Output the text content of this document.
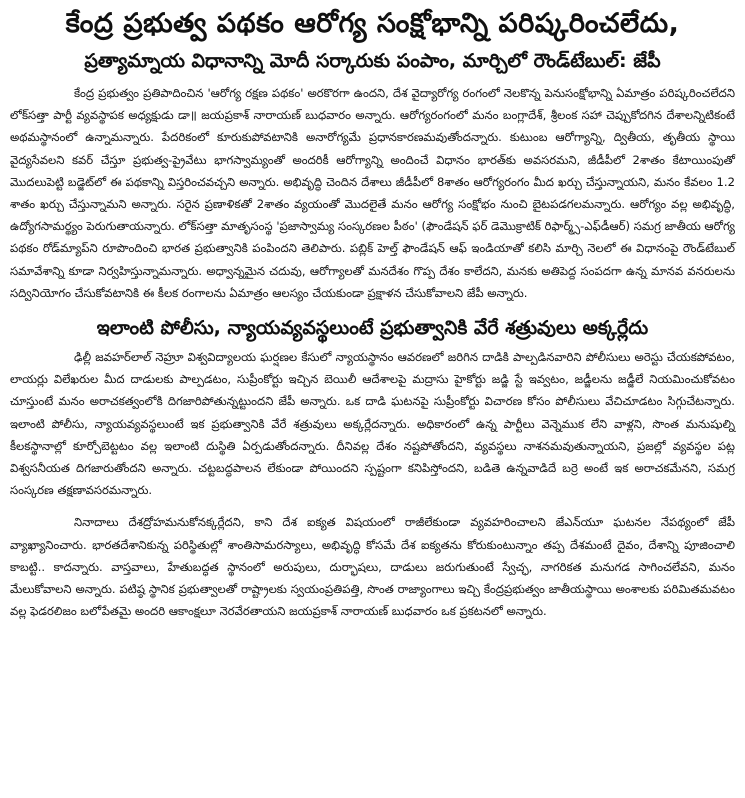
కేంద్ర ప్రభుత్వ పథకం ఆరోగ్య సంక్షోభాన్ని పరిష్కరించలేదు,
ప్రత్యామ్నాయ విధానాన్ని మోదీ సర్కారుకు పంపాం, మార్చిలో రౌండ్‌టేబుల్: జేపీ

కేంద్ర ప్రభుత్వం ప్రతిపాదించిన 'ఆరోగ్య రక్షణ పథకం' అరకొరగా ఉందని, దేశ వైద్యారోగ్య రంగంలో నెలకొన్న పెనుసంక్షోభాన్ని ఏమాత్రం పరిష్కరించలేదని లోక్‌సత్తా పార్టీ వ్యవస్థాపక అధ్యక్షుడు డా॥ జయప్రకాశ్ నారాయణ్ బుధవారం అన్నారు. ఆరోగ్యరంగంలో మనం బంగ్లాదేశ్, శ్రీలంక సహా చెప్పుకోదగిన దేశాలన్నిటికంటే అథమస్థానంలో ఉన్నామన్నారు. పేదరికంలో కూరుకుపోవటానికి అనారోగ్యమే ప్రధానకారణమవుతోందన్నారు. కుటుంబ ఆరోగ్యాన్ని, ద్వితీయ, తృతీయ స్థాయి వైద్యసేవలని కవర్ చేస్తూ ప్రభుత్వ-ప్రైవేటు భాగస్వామ్యంతో అందరికీ ఆరోగ్యాన్ని అందించే విధానం భారత్‌కు అవసరమని, జీడీపీలో 2శాతం కేటాయింపుతో మొదలుపెట్టి బడ్జెట్‌లో ఈ పథకాన్ని విస్తరించవచ్చని అన్నారు. అభివృద్ధి చెందిన దేశాలు జీడీపీలో 8శాతం ఆరోగ్యరంగం మీద ఖర్చు చేస్తున్నాయని, మనం కేవలం 1.2 శాతం ఖర్చు చేస్తున్నామని అన్నారు. సరైన ప్రణాళికతో 2శాతం వ్యయంతో మొదలైతే మనం ఆరోగ్య సంక్షోభం నుంచి బైటపడగలమన్నారు. ఆరోగ్యం వల్ల అభివృద్ధి, ఉద్యోగసామర్థ్యం పెరుగుతాయన్నారు. లోక్‌సత్తా మాతృసంస్థ 'ప్రజాస్వామ్య సంస్కరణల పీఠం' (ఫౌండేషన్ ఫర్ డెమొక్రాటిక్ రిఫార్మ్స్-ఎఫ్‌డీఆర్) సమగ్ర జాతీయ ఆరోగ్య పథకం రోడ్‌మ్యాప్‌ని రూపొందించి భారత ప్రభుత్వానికి పంపిందని తెలిపారు. పబ్లిక్ హెల్త్ ఫౌండేషన్ ఆఫ్ ఇండియాతో కలిసి మార్చి నెలలో ఈ విధానంపై రౌండ్‌టేబుల్ సమావేశాన్ని కూడా నిర్వహిస్తున్నామన్నారు. అధ్వాన్నమైన చదువు, ఆరోగ్యాలతో మనదేశం గొప్ప దేశం కాలేదని, మనకు అతిపెద్ద సంపదగా ఉన్న మానవ వనరులను సద్వినియోగం చేసుకోవటానికి ఈ కీలక రంగాలను ఏమాత్రం ఆలస్యం చేయకుండా ప్రక్షాళన చేసుకోవాలని జేపీ అన్నారు.

ఇలాంటి పోలీసు, న్యాయవ్యవస్థలుంటే ప్రభుత్వానికి వేరే శత్రువులు అక్కర్లేదు

ఢిల్లీ జవహర్‌లాల్ నెహ్రూ విశ్వవిద్యాలయ ఘర్షణల కేసులో న్యాయస్థానం ఆవరణలో జరిగిన దాడికి పాల్పడినవారిని పోలీసులు అరెస్టు చేయకపోవటం, లాయర్లు విలేఖరుల మీద దాడులకు పాల్పడటం, సుప్రీంకోర్టు ఇచ్చిన బెయిలీ ఆదేశాలపై మద్రాసు హైకోర్టు జడ్జి స్టే ఇవ్వటం, జడ్జీలను జడ్జీలే నియమించుకోవటం చూస్తుంటే మనం అరాచకత్వంలోకి దిగజారిపోతున్నట్టుందని జేపీ అన్నారు. ఒక దాడి ఘటనపై సుప్రీంకోర్టు విచారణ కోసం పోలీసులు వేచిచూడటం సిగ్గుచేటన్నారు. ఇలాంటి పోలీసు, న్యాయవ్యవస్థలుంటే ఇక ప్రభుత్వానికి వేరే శత్రువులు అక్కర్లేదన్నారు. అధికారంలో ఉన్న పార్టీలు వెన్నెముక లేని వాళ్లని, సొంత మనుషుల్ని కీలకస్థానాల్లో కూర్చోబెట్టటం వల్ల ఇలాంటి దుస్థితి ఏర్పడుతోందన్నారు. దీనివల్ల దేశం నష్టపోతోందని, వ్యవస్థలు నాశనమవుతున్నాయని, ప్రజల్లో వ్యవస్థల పట్ల విశ్వసనీయత దిగజారుతోందని అన్నారు. చట్టబద్ధపాలన లేకుండా పోయిందని స్పష్టంగా కనిపిస్తోందని, బడితె ఉన్నవాడిదే బర్రె అంటే ఇక అరాచకమేనని, సమగ్ర సంస్కరణ తక్షణావసరమన్నారు.

నినాదాలు దేశద్రోహమనుకోనక్కర్లేదని, కాని దేశ ఐక్యత విషయంలో రాజీలేకుండా వ్యవహరించాలని జేఎన్‌యూ ఘటనల నేపథ్యంలో జేపీ వ్యాఖ్యానించారు. భారతదేశానికున్న పరిస్థితుల్లో శాంతిసామరస్యాలు, అభివృద్ధి కోసమే దేశ ఐక్యతను కోరుకుంటున్నాం తప్ప దేశమంటే దైవం, దేశాన్ని పూజించాలి కాబట్టి.. కాదన్నారు. వాస్తవాలు, హేతుబద్ధత స్థానంలో అరుపులు, దుర్భాషలు, దాడులు జరుగుతుంటే స్వేచ్ఛ, నాగరికత మనుగడ సాగించలేవని, మనం మేలుకోవాలని అన్నారు. పటిష్ఠ స్థానిక ప్రభుత్వాలతో రాష్ట్రాలకు స్వయంప్రతిపత్తి, సొంత రాజ్యాంగాలు ఇచ్చి కేంద్రప్రభుత్వం జాతీయస్థాయి అంశాలకు పరిమితమవటం వల్ల ఫెడరలిజం బలోపేతమై అందరి ఆకాంక్షలూ నెరవేరతాయని జయప్రకాశ్ నారాయణ్ బుధవారం ఒక ప్రకటనలో అన్నారు.
